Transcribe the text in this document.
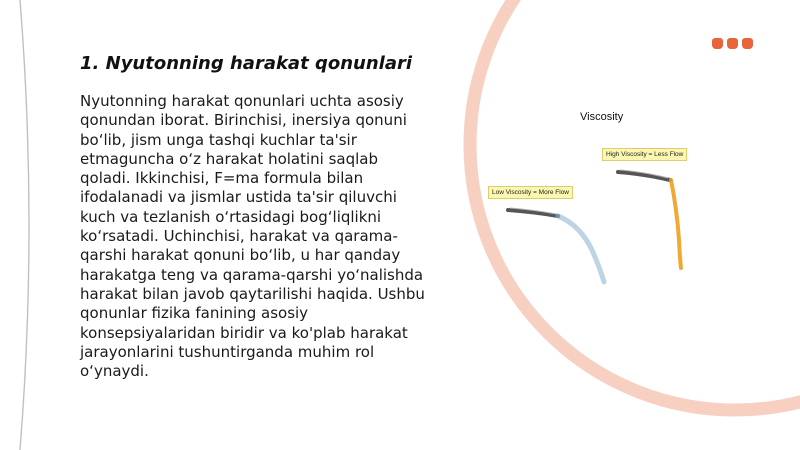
1. Nyutonning harakat qonunlari

Nyutonning harakat qonunlari uchta asosiy qonundan iborat. Birinchisi, inersiya qonuni bo‘lib, jism unga tashqi kuchlar ta'sir etmaguncha o‘z harakat holatini saqlab qoladi. Ikkinchisi, F=ma formula bilan ifodalanadi va jismlar ustida ta'sir qiluvchi kuch va tezlanish o‘rtasidagi bog‘liqlikni ko‘rsatadi. Uchinchisi, harakat va qarama-qarshi harakat qonuni bo‘lib, u har qanday harakatga teng va qarama-qarshi yo‘nalishda harakat bilan javob qaytarilishi haqida. Ushbu qonunlar fizika fanining asosiy konsepsiyalaridan biridir va ko'plab harakat jarayonlarini tushuntirganda muhim rol o‘ynaydi.

Viscosity
High Viscosity = Less Flow
Low Viscosity = More Flow
